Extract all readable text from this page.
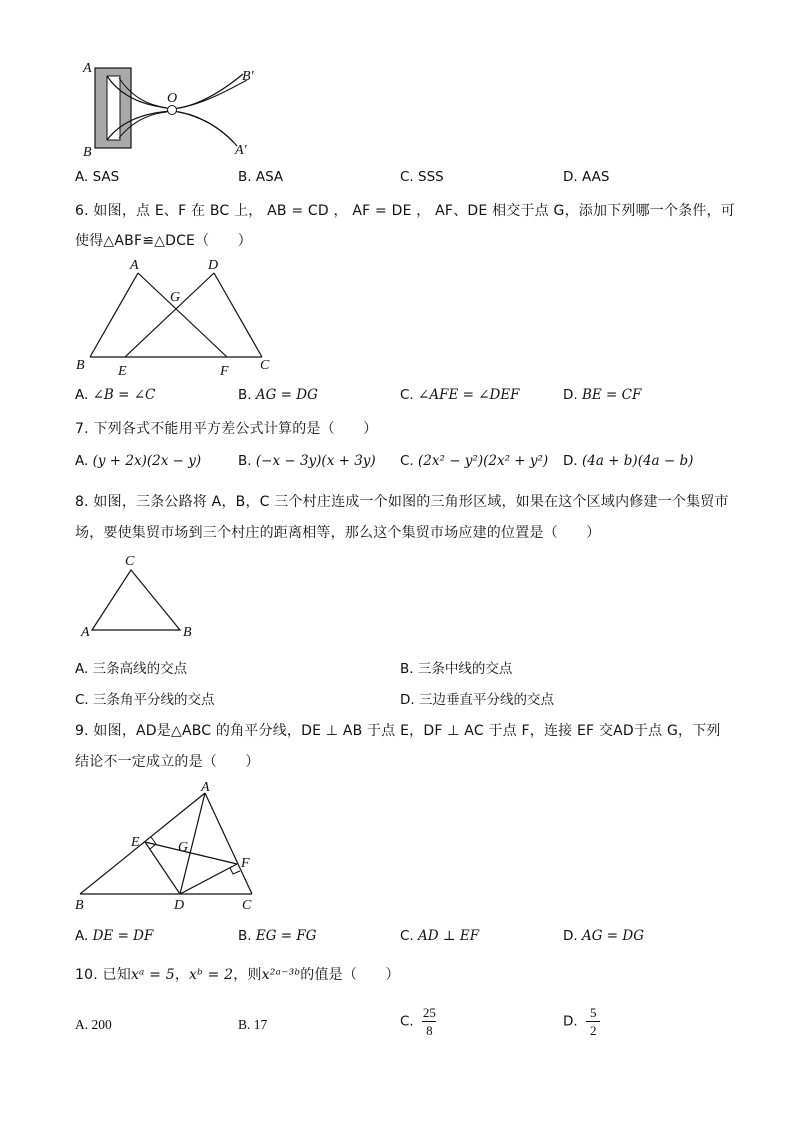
A
B
O
B′
A′
A. SAS	B. ASA	C. SSS	D. AAS
6. 如图，点 E、F 在 BC 上， AB = CD ， AF = DE ， AF、DE 相交于点 G，添加下列哪一个条件，可
使得△ABF≌△DCE（　　）
A	D
G
B E	F C
A. ∠B = ∠C	B. AG = DG	C. ∠AFE = ∠DEF	D. BE = CF
7. 下列各式不能用平方差公式计算的是（　　）
A. (y + 2x)(2x − y)	B. (−x − 3y)(x + 3y) C. (2x² − y²)(2x² + y²) D. (4a + b)(4a − b)
8. 如图，三条公路将 A，B，C 三个村庄连成一个如图的三角形区域，如果在这个区域内修建一个集贸市
场，要使集贸市场到三个村庄的距离相等，那么这个集贸市场应建的位置是（　　）
C
A	B
A. 三条高线的交点	B. 三条中线的交点
C. 三条角平分线的交点	D. 三边垂直平分线的交点
9. 如图，AD是△ABC 的角平分线，DE ⊥ AB 于点 E，DF ⊥ AC 于点 F，连接 EF 交AD于点 G，下列
结论不一定成立的是（　　）
A
E	G
F
B	D	C
A. DE = DF	B. EG = FG	C. AD ⊥ EF	D. AG = DG
10. 已知xᵃ = 5，xᵇ = 2，则x²ᵃ⁻³ᵇ的值是（　　）
A. 200	B. 17	C. $\frac{25}{8}$	D. $\frac{5}{2}$
